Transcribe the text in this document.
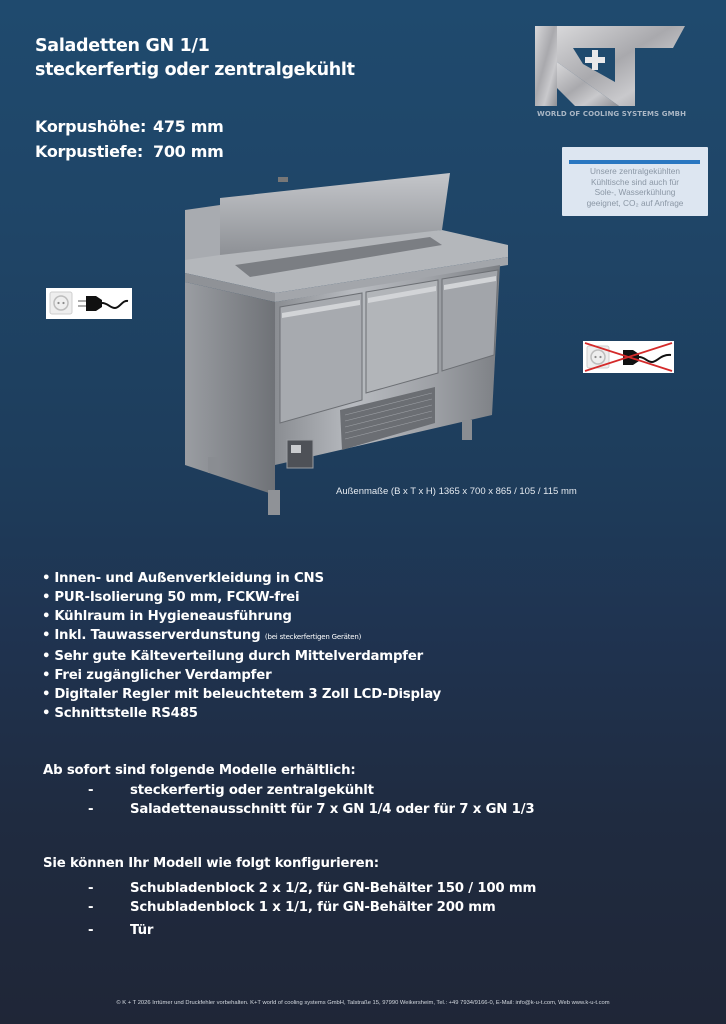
Saladetten GN 1/1
steckerfertig oder zentralgekühlt
Korpushöhe: 475 mm
Korpustiefe: 700 mm
WORLD OF COOLING SYSTEMS GMBH
Unsere zentralgekühlten
Kühltische sind auch für
Sole-, Wasserkühlung
geeignet, CO₂ auf Anfrage
Außenmaße (B x T x H) 1365 x 700 x 865 / 105 / 115 mm
• Innen- und Außenverkleidung in CNS
• PUR-Isolierung 50 mm, FCKW-frei
• Kühlraum in Hygieneausführung
• Inkl. Tauwasserverdunstung (bei steckerfertigen Geräten)
• Sehr gute Kälteverteilung durch Mittelverdampfer
• Frei zugänglicher Verdampfer
• Digitaler Regler mit beleuchtetem 3 Zoll LCD-Display
• Schnittstelle RS485
Ab sofort sind folgende Modelle erhältlich:
-	steckerfertig oder zentralgekühlt
-	Saladettenausschnitt für 7 x GN 1/4 oder für 7 x GN 1/3
Sie können Ihr Modell wie folgt konfigurieren:
-	Schubladenblock 2 x 1/2, für GN-Behälter 150 / 100 mm
-	Schubladenblock 1 x 1/1, für GN-Behälter 200 mm
-	Tür
© K + T 2026 Irrtümer und Druckfehler vorbehalten. K+T world of cooling systems GmbH, Talstraße 15, 97990 Weikersheim, Tel.: +49 7934/9166-0, E-Mail: info@k-u-t.com, Web www.k-u-t.com
